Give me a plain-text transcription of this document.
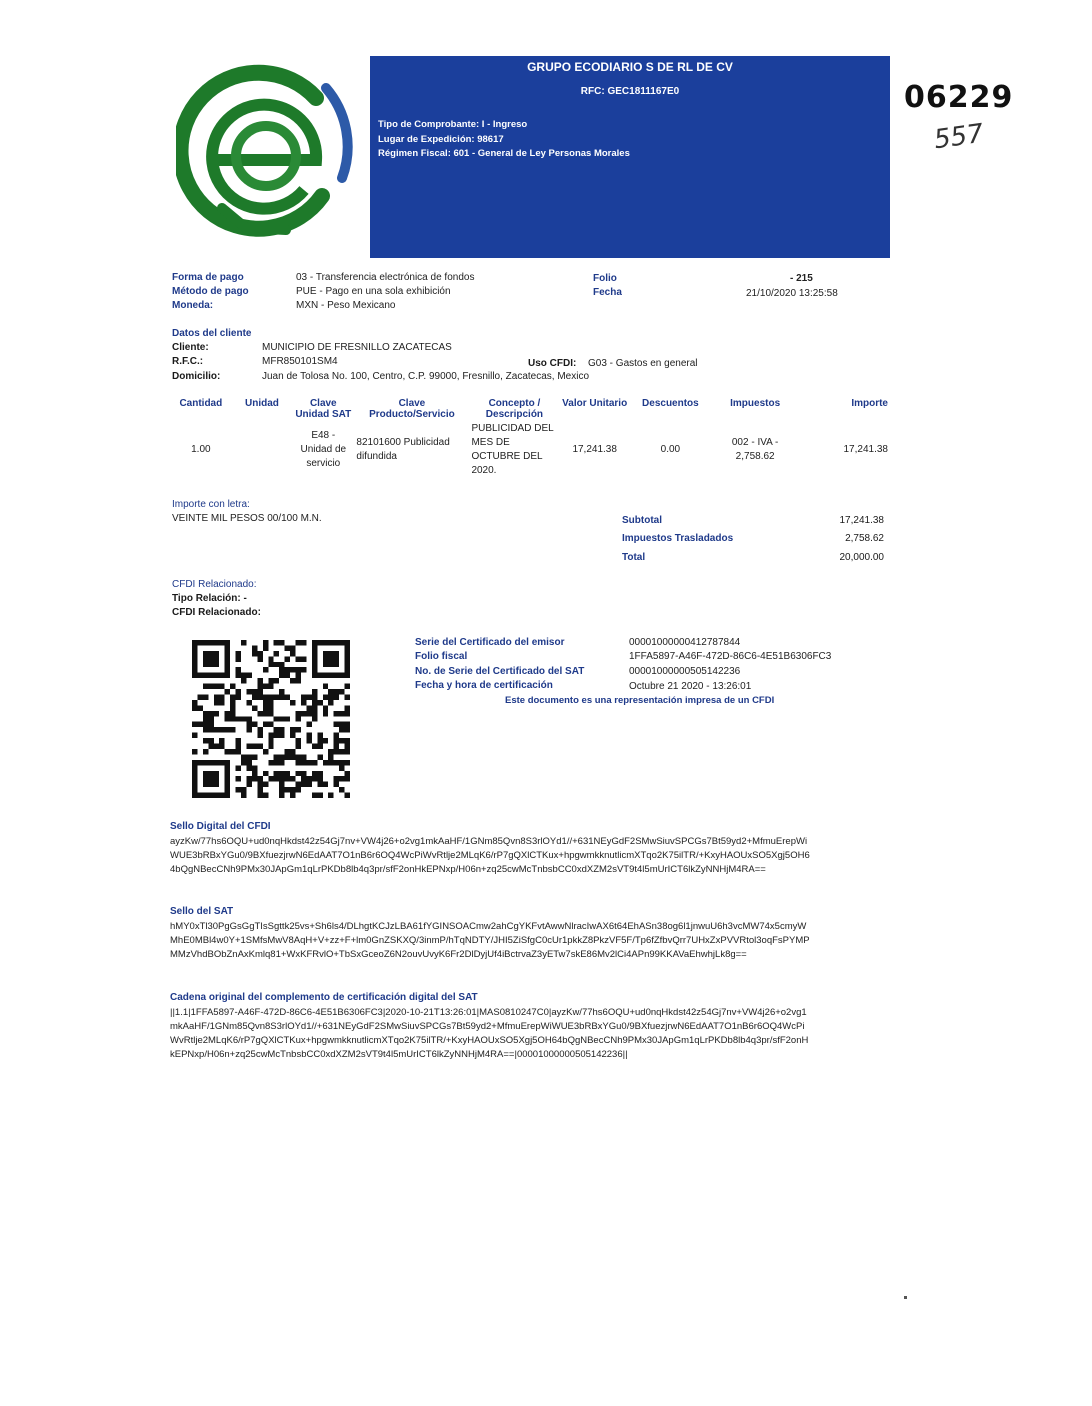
GRUPO ECODIARIO S DE RL DE CV
RFC: GEC1811167E0
Tipo de Comprobante: I - Ingreso
Lugar de Expedición: 98617
Régimen Fiscal: 601 - General de Ley Personas Morales
06229
557
Forma de pago	03 - Transferencia electrónica de fondos
Método de pago	PUE - Pago en una sola exhibición
Moneda:	MXN - Peso Mexicano
Folio	- 215
Fecha	21/10/2020 13:25:58
Datos del cliente
Cliente:	MUNICIPIO DE FRESNILLO ZACATECAS
R.F.C.:	MFR850101SM4	Uso CFDI: G03 - Gastos en general
Domicilio:	Juan de Tolosa No. 100, Centro, C.P. 99000, Fresnillo, Zacatecas, Mexico
Cantidad	Unidad	Clave Unidad SAT	Clave Producto/Servicio	Concepto / Descripción	Valor Unitario	Descuentos	Impuestos	Importe
1.00		E48 - Unidad de servicio	82101600 Publicidad difundida	PUBLICIDAD DEL MES DE OCTUBRE DEL 2020.	17,241.38	0.00	002 - IVA - 2,758.62	17,241.38
Importe con letra:
VEINTE MIL PESOS 00/100 M.N.	Subtotal	17,241.38
Impuestos Trasladados	2,758.62
Total	20,000.00
CFDI Relacionado:
Tipo Relación: -
CFDI Relacionado:
Serie del Certificado del emisor	00001000000412787844
Folio fiscal	1FFA5897-A46F-472D-86C6-4E51B6306FC3
No. de Serie del Certificado del SAT	00001000000505142236
Fecha y hora de certificación	Octubre 21 2020 - 13:26:01
Este documento es una representación impresa de un CFDI
Sello Digital del CFDI
ayzKw/77hs6OQU+ud0nqHkdst42z54Gj7nv+VW4j26+o2vg1mkAaHF/1GNm85Qvn8S3rlOYd1//+631NEyGdF2SMwSiuvSPCGs7Bt59yd2+MfmuErepWiWUE3bRBxYGu0/9BXfuezjrwN6EdAAT7O1nB6r6OQ4WcPiWvRtlje2MLqK6/rP7gQXlCTKux+hpgwmkknutlicmXTqo2K75ilTR/+KxyHAOUxSO5Xgj5OH64bQgNBecCNh9PMx30JApGm1qLrPKDb8lb4q3pr/sfF2onHkEPNxp/H06n+zq25cwMcTnbsbCC0xdXZM2sVT9t4l5mUrICT6lkZyNNHjM4RA==
Sello del SAT
hMY0xTl30PgGsGgTIsSgttk25vs+Sh6ls4/DLhgtKCJzLBA61fYGINSOACmw2ahCgYKFvtAwwNlracIwAX6t64EhASn38og6l1jnwuU6h3vcMW74x5cmyWMhE0MBl4w0Y+1SMfsMwV8AqH+V+zz+F+lm0GnZSKXQ/3inmP/hTqNDTY/JHI5ZiSfgC0cUr1pkkZ8PkzVF5F/Tp6fZfbvQrr7UHxZxPVVRtol3oqFsPYMPMMzVhdBObZnAxKmlq81+WxKFRvlO+TbSxGceoZ6N2ouvUvyK6Fr2DlDyjUf4iBctrvaZ3yETw7skE86Mv2lCi4APn99KKAVaEhwhjLk8g==
Cadena original del complemento de certificación digital del SAT
||1.1|1FFA5897-A46F-472D-86C6-4E51B6306FC3|2020-10-21T13:26:01|MAS0810247C0|ayzKw/77hs6OQU+ud0nqHkdst42z54Gj7nv+VW4j26+o2vg1mkAaHF/1GNm85Qvn8S3rlOYd1//+631NEyGdF2SMwSiuvSPCGs7Bt59yd2+MfmuErepWiWUE3bRBxYGu0/9BXfuezjrwN6EdAAT7O1nB6r6OQ4WcPiWvRtlje2MLqK6/rP7gQXlCTKux+hpgwmkknutlicmXTqo2K75ilTR/+KxyHAOUxSO5Xgj5OH64bQgNBecCNh9PMx30JApGm1qLrPKDb8lb4q3pr/sfF2onHkEPNxp/H06n+zq25cwMcTnbsbCC0xdXZM2sVT9t4l5mUrICT6lkZyNNHjM4RA==|00001000000505142236||
